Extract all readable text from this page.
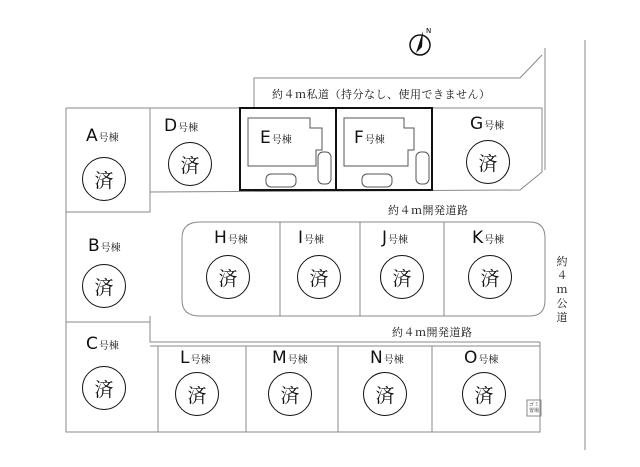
N
約４ｍ私道（持分なし、使用できません）
約４ｍ開発道路
約４ｍ開発道路
約４ｍ公道
ゴミ置場
A号棟
済
B号棟
済
C号棟
済
D号棟
済
E号棟	F号棟
G号棟
済
H号棟
済
I号棟
済
J号棟
済
K号棟
済
L号棟
済
M号棟
済
N号棟
済
O号棟
済
